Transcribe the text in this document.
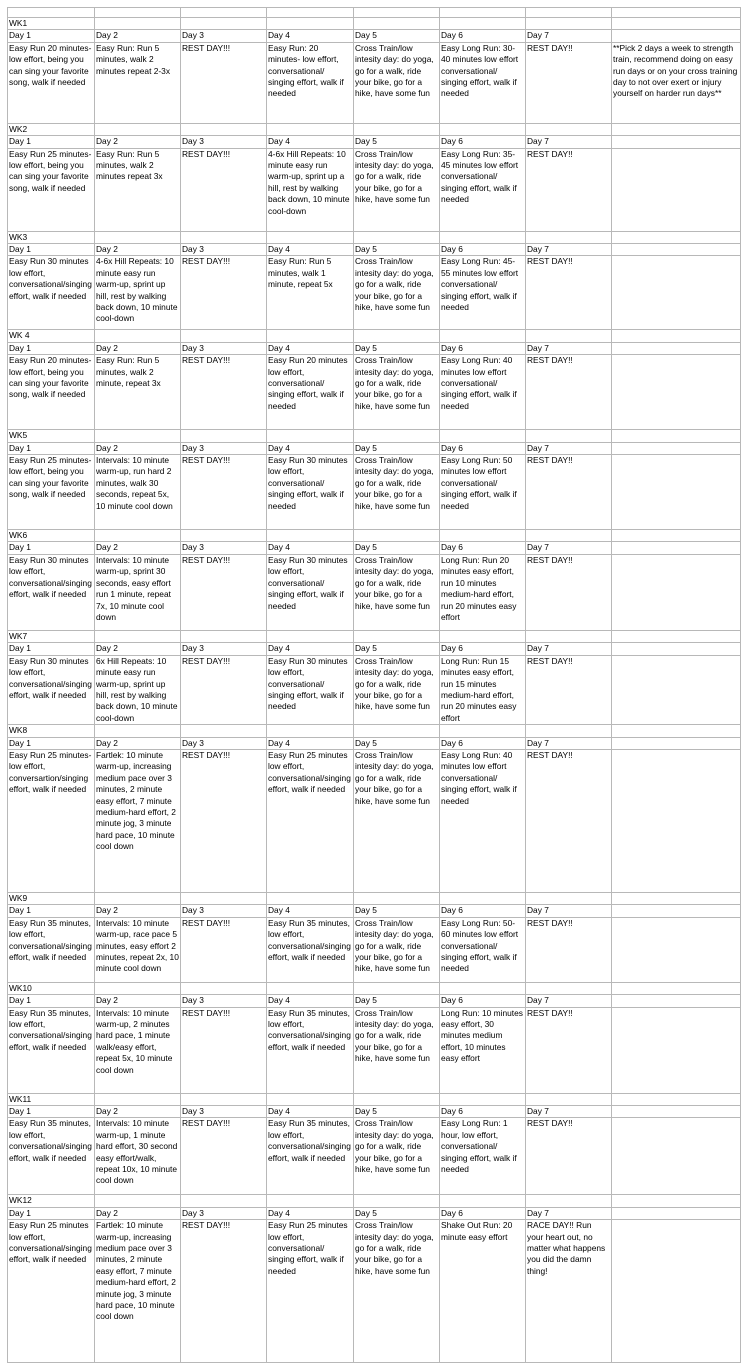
WK1							
Day 1	Day 2	Day 3	Day 4	Day 5	Day 6	Day 7	
Easy Run 20 minutes- low effort, being you can sing your favorite song, walk if needed	Easy Run: Run 5 minutes, walk 2 minutes repeat 2-3x	REST DAY!!!	Easy Run: 20 minutes- low effort, conversational/ singing effort, walk if needed	Cross Train/low intesity day: do yoga, go for a walk, ride your bike, go for a hike, have some fun	Easy Long Run: 30-40 minutes low effort conversational/ singing effort, walk if needed	REST DAY!!	**Pick 2 days a week to strength train, recommend doing on easy run days or on your cross training day to not over exert or injury yourself on harder run days**
WK2							
Day 1	Day 2	Day 3	Day 4	Day 5	Day 6	Day 7	
Easy Run 25 minutes- low effort, being you can sing your favorite song, walk if needed	Easy Run: Run 5 minutes, walk 2 minutes repeat 3x	REST DAY!!!	4-6x Hill Repeats: 10 minute easy run warm-up, sprint up a hill, rest by walking back down, 10 minute cool-down	Cross Train/low intesity day: do yoga, go for a walk, ride your bike, go for a hike, have some fun	Easy Long Run: 35-45 minutes low effort conversational/ singing effort, walk if needed	REST DAY!!	
WK3							
Day 1	Day 2	Day 3	Day 4	Day 5	Day 6	Day 7	
Easy Run 30 minutes low effort, conversational/singing effort, walk if needed	4-6x Hill Repeats: 10 minute easy run warm-up, sprint up hill, rest by walking back down, 10 minute cool-down	REST DAY!!!	Easy Run: Run 5 minutes, walk 1 minute, repeat 5x	Cross Train/low intesity day: do yoga, go for a walk, ride your bike, go for a hike, have some fun	Easy Long Run: 45-55 minutes low effort conversational/ singing effort, walk if needed	REST DAY!!	
WK 4							
Day 1	Day 2	Day 3	Day 4	Day 5	Day 6	Day 7	
Easy Run 20 minutes- low effort, being you can sing your favorite song, walk if needed	Easy Run: Run 5 minutes, walk 2 minute, repeat 3x	REST DAY!!!	Easy Run 20 minutes low effort, conversational/ singing effort, walk if needed	Cross Train/low intesity day: do yoga, go for a walk, ride your bike, go for a hike, have some fun	Easy Long Run: 40 minutes low effort conversational/ singing effort, walk if needed	REST DAY!!	
WK5							
Day 1	Day 2	Day 3	Day 4	Day 5	Day 6	Day 7	
Easy Run 25 minutes- low effort, being you can sing your favorite song, walk if needed	Intervals: 10 minute warm-up, run hard 2 minutes, walk 30 seconds, repeat 5x, 10 minute cool down	REST DAY!!!	Easy Run 30 minutes low effort, conversational/ singing effort, walk if needed	Cross Train/low intesity day: do yoga, go for a walk, ride your bike, go for a hike, have some fun	Easy Long Run: 50 minutes low effort conversational/ singing effort, walk if needed	REST DAY!!	
WK6							
Day 1	Day 2	Day 3	Day 4	Day 5	Day 6	Day 7	
Easy Run 30 minutes low effort, conversational/singing effort, walk if needed	Intervals: 10 minute warm-up, sprint 30 seconds, easy effort run 1 minute, repeat 7x, 10 minute cool down	REST DAY!!!	Easy Run 30 minutes low effort, conversational/ singing effort, walk if needed	Cross Train/low intesity day: do yoga, go for a walk, ride your bike, go for a hike, have some fun	Long Run: Run 20 minutes easy effort, run 10 minutes medium-hard effort, run 20 minutes easy effort	REST DAY!!	
WK7							
Day 1	Day 2	Day 3	Day 4	Day 5	Day 6	Day 7	
Easy Run 30 minutes low effort, conversational/singing effort, walk if needed	6x Hill Repeats: 10 minute easy run warm-up, sprint up hill, rest by walking back down, 10 minute cool-down	REST DAY!!!	Easy Run 30 minutes low effort, conversational/ singing effort, walk if needed	Cross Train/low intesity day: do yoga, go for a walk, ride your bike, go for a hike, have some fun	Long Run: Run 15 minutes easy effort, run 15 minutes medium-hard effort, run 20 minutes easy effort	REST DAY!!	
WK8							
Day 1	Day 2	Day 3	Day 4	Day 5	Day 6	Day 7	
Easy Run 25 minutes- low effort, conversartion/singing effort, walk if needed	Fartlek: 10 minute warm-up, increasing medium pace over 3 minutes, 2 minute easy effort, 7 minute medium-hard effort, 2 minute jog, 3 minute hard pace, 10 minute cool down	REST DAY!!!	Easy Run 25 minutes low effort, conversational/singing effort, walk if needed	Cross Train/low intesity day: do yoga, go for a walk, ride your bike, go for a hike, have some fun	Easy Long Run: 40 minutes low effort conversational/ singing effort, walk if needed	REST DAY!!	
WK9							
Day 1	Day 2	Day 3	Day 4	Day 5	Day 6	Day 7	
Easy Run 35 minutes, low effort, conversational/singing effort, walk if needed	Intervals: 10 minute warm-up, race pace 5 minutes, easy effort 2 minutes, repeat 2x, 10 minute cool down	REST DAY!!!	Easy Run 35 minutes, low effort, conversational/singing effort, walk if needed	Cross Train/low intesity day: do yoga, go for a walk, ride your bike, go for a hike, have some fun	Easy Long Run: 50-60 minutes low effort conversational/ singing effort, walk if needed	REST DAY!!	
WK10							
Day 1	Day 2	Day 3	Day 4	Day 5	Day 6	Day 7	
Easy Run 35 minutes, low effort, conversational/singing effort, walk if needed	Intervals: 10 minute warm-up, 2 minutes hard pace, 1 minute walk/easy effort, repeat 5x, 10 minute cool down	REST DAY!!!	Easy Run 35 minutes, low effort, conversational/singing effort, walk if needed	Cross Train/low intesity day: do yoga, go for a walk, ride your bike, go for a hike, have some fun	Long Run: 10 minutes easy effort, 30 minutes medium effort, 10 minutes easy effort	REST DAY!!	
WK11							
Day 1	Day 2	Day 3	Day 4	Day 5	Day 6	Day 7	
Easy Run 35 minutes, low effort, conversational/singing effort, walk if needed	Intervals: 10 minute warm-up, 1 minute hard effort, 30 second easy effort/walk, repeat 10x, 10 minute cool down	REST DAY!!!	Easy Run 35 minutes, low effort, conversational/singing effort, walk if needed	Cross Train/low intesity day: do yoga, go for a walk, ride your bike, go for a hike, have some fun	Easy Long Run: 1 hour, low effort, conversational/ singing effort, walk if needed	REST DAY!!	
WK12							
Day 1	Day 2	Day 3	Day 4	Day 5	Day 6	Day 7	
Easy Run 25 minutes low effort, conversational/singing effort, walk if needed	Fartlek: 10 minute warm-up, increasing medium pace over 3 minutes, 2 minute easy effort, 7 minute medium-hard effort, 2 minute jog, 3 minute hard pace, 10 minute cool down	REST DAY!!!	Easy Run 25 minutes low effort, conversational/ singing effort, walk if needed	Cross Train/low intesity day: do yoga, go for a walk, ride your bike, go for a hike, have some fun	Shake Out Run: 20 minute easy effort	RACE DAY!! Run your heart out, no matter what happens you did the damn thing!	
